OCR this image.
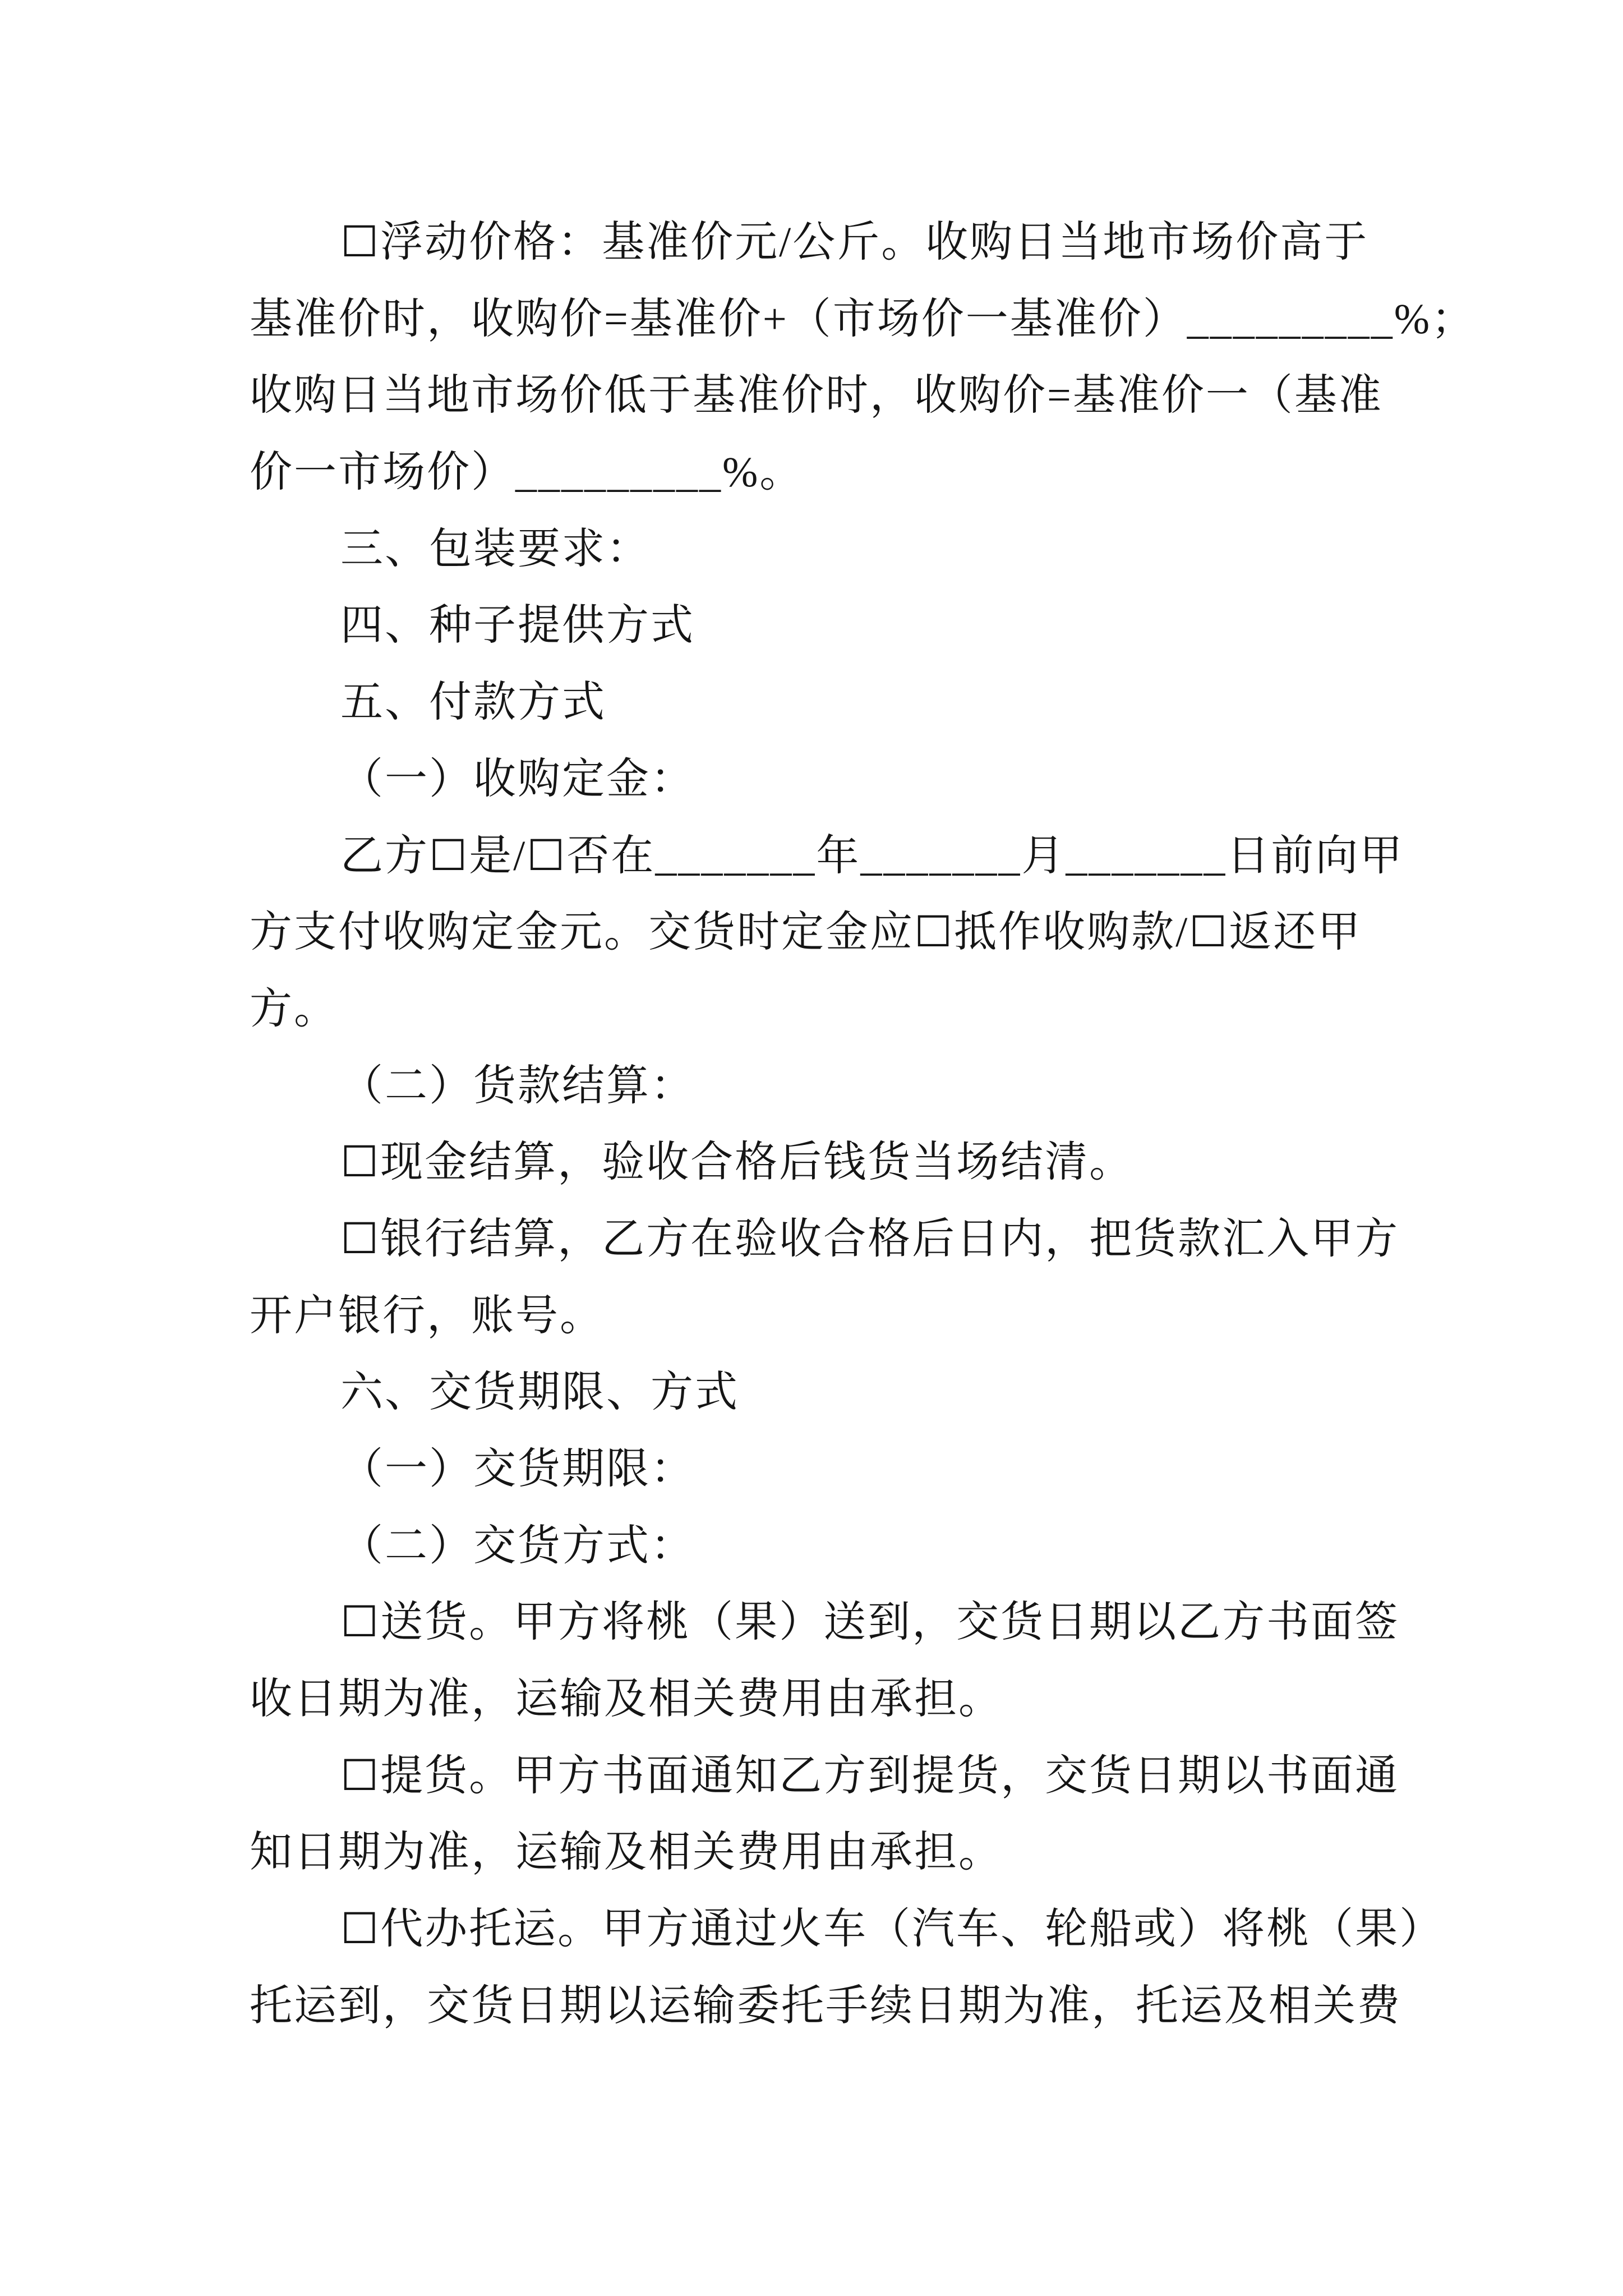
☐浮动价格：基准价元/公斤。收购日当地市场价高于
基准价时，收购价=基准价+（市场价一基准价）_________%；
收购日当地市场价低于基准价时，收购价=基准价一（基准
价一市场价）_________%。
三、包装要求：
四、种子提供方式
五、付款方式
（一）收购定金：
乙方☐是/☐否在_______年_______月_______日前向甲
方支付收购定金元。交货时定金应☐抵作收购款/☐返还甲
方。
（二）货款结算：
☐现金结算，验收合格后钱货当场结清。
☐银行结算，乙方在验收合格后日内，把货款汇入甲方
开户银行，账号。
六、交货期限、方式
（一）交货期限：
（二）交货方式：
☐送货。甲方将桃（果）送到，交货日期以乙方书面签
收日期为准，运输及相关费用由承担。
☐提货。甲方书面通知乙方到提货，交货日期以书面通
知日期为准，运输及相关费用由承担。
☐代办托运。甲方通过火车（汽车、轮船或）将桃（果）
托运到，交货日期以运输委托手续日期为准，托运及相关费
